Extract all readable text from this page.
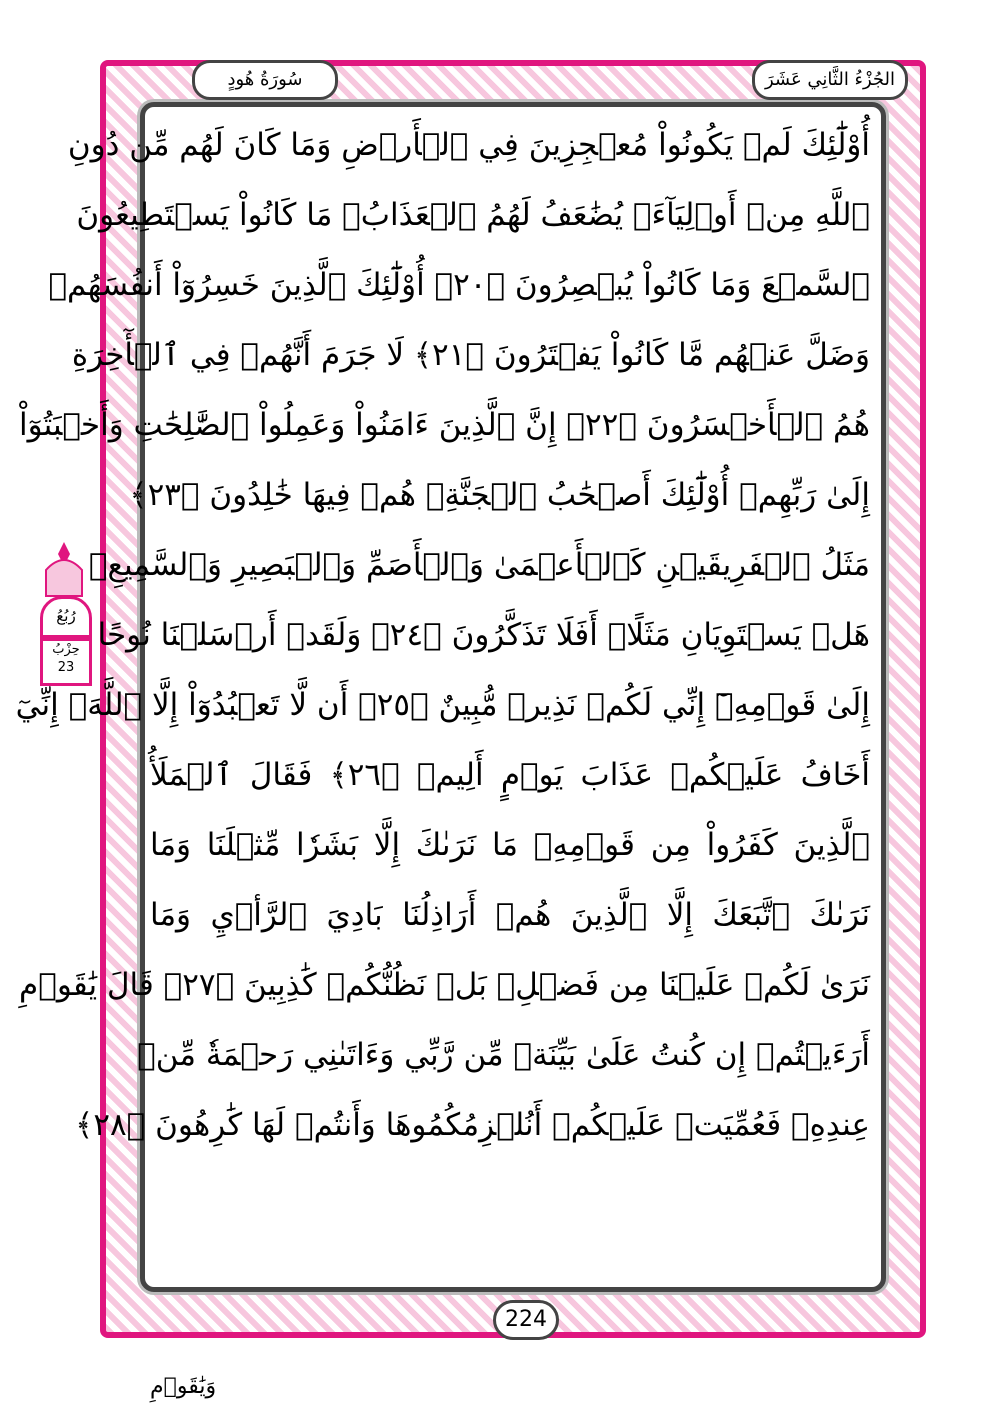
سُورَةُ هُودٍ	الجُزْءُ الثَّانِي عَشَرَ
أُوْلَٰٓئِكَ لَمۡ يَكُونُواْ مُعۡجِزِينَ فِي ٱلۡأَرۡضِ وَمَا كَانَ لَهُم مِّن دُونِ
ٱللَّهِ مِنۡ أَوۡلِيَآءَۘ يُضَٰعَفُ لَهُمُ ٱلۡعَذَابُۚ مَا كَانُواْ يَسۡتَطِيعُونَ
ٱلسَّمۡعَ وَمَا كَانُواْ يُبۡصِرُونَ ﴿٢٠﴾ أُوْلَٰٓئِكَ ٱلَّذِينَ خَسِرُوٓاْ أَنفُسَهُمۡ
وَضَلَّ عَنۡهُم مَّا كَانُواْ يَفۡتَرُونَ ﴿٢١﴾ لَا جَرَمَ أَنَّهُمۡ فِي ٱلۡأٓخِرَةِ
هُمُ ٱلۡأَخۡسَرُونَ ﴿٢٢﴾ إِنَّ ٱلَّذِينَ ءَامَنُواْ وَعَمِلُواْ ٱلصَّٰلِحَٰتِ وَأَخۡبَتُوٓاْ
إِلَىٰ رَبِّهِمۡ أُوْلَٰٓئِكَ أَصۡحَٰبُ ٱلۡجَنَّةِۖ هُمۡ فِيهَا خَٰلِدُونَ ﴿٢٣﴾
مَثَلُ ٱلۡفَرِيقَيۡنِ كَٱلۡأَعۡمَىٰ وَٱلۡأَصَمِّ وَٱلۡبَصِيرِ وَٱلسَّمِيعِۚ
هَلۡ يَسۡتَوِيَانِ مَثَلًاۚ أَفَلَا تَذَكَّرُونَ ﴿٢٤﴾ وَلَقَدۡ أَرۡسَلۡنَا نُوحًا
إِلَىٰ قَوۡمِهِۦٓ إِنِّي لَكُمۡ نَذِيرٞ مُّبِينٌ ﴿٢٥﴾ أَن لَّا تَعۡبُدُوٓاْ إِلَّا ٱللَّهَۖ إِنِّيٓ
أَخَافُ عَلَيۡكُمۡ عَذَابَ يَوۡمٍ أَلِيمٖ ﴿٢٦﴾ فَقَالَ ٱلۡمَلَأُ
ٱلَّذِينَ كَفَرُواْ مِن قَوۡمِهِۦ مَا نَرَىٰكَ إِلَّا بَشَرٗا مِّثۡلَنَا وَمَا
نَرَىٰكَ ٱتَّبَعَكَ إِلَّا ٱلَّذِينَ هُمۡ أَرَاذِلُنَا بَادِيَ ٱلرَّأۡيِ وَمَا
نَرَىٰ لَكُمۡ عَلَيۡنَا مِن فَضۡلِۭ بَلۡ نَظُنُّكُمۡ كَٰذِبِينَ ﴿٢٧﴾ قَالَ يَٰقَوۡمِ
أَرَءَيۡتُمۡ إِن كُنتُ عَلَىٰ بَيِّنَةٖ مِّن رَّبِّي وَءَاتَىٰنِي رَحۡمَةٗ مِّنۡ
عِندِهِۦ فَعُمِّيَتۡ عَلَيۡكُمۡ أَنُلۡزِمُكُمُوهَا وَأَنتُمۡ لَهَا كَٰرِهُونَ ﴿٢٨﴾
رُبُعُ
حِزْبُ
23
224
وَيَٰقَوۡمِ
